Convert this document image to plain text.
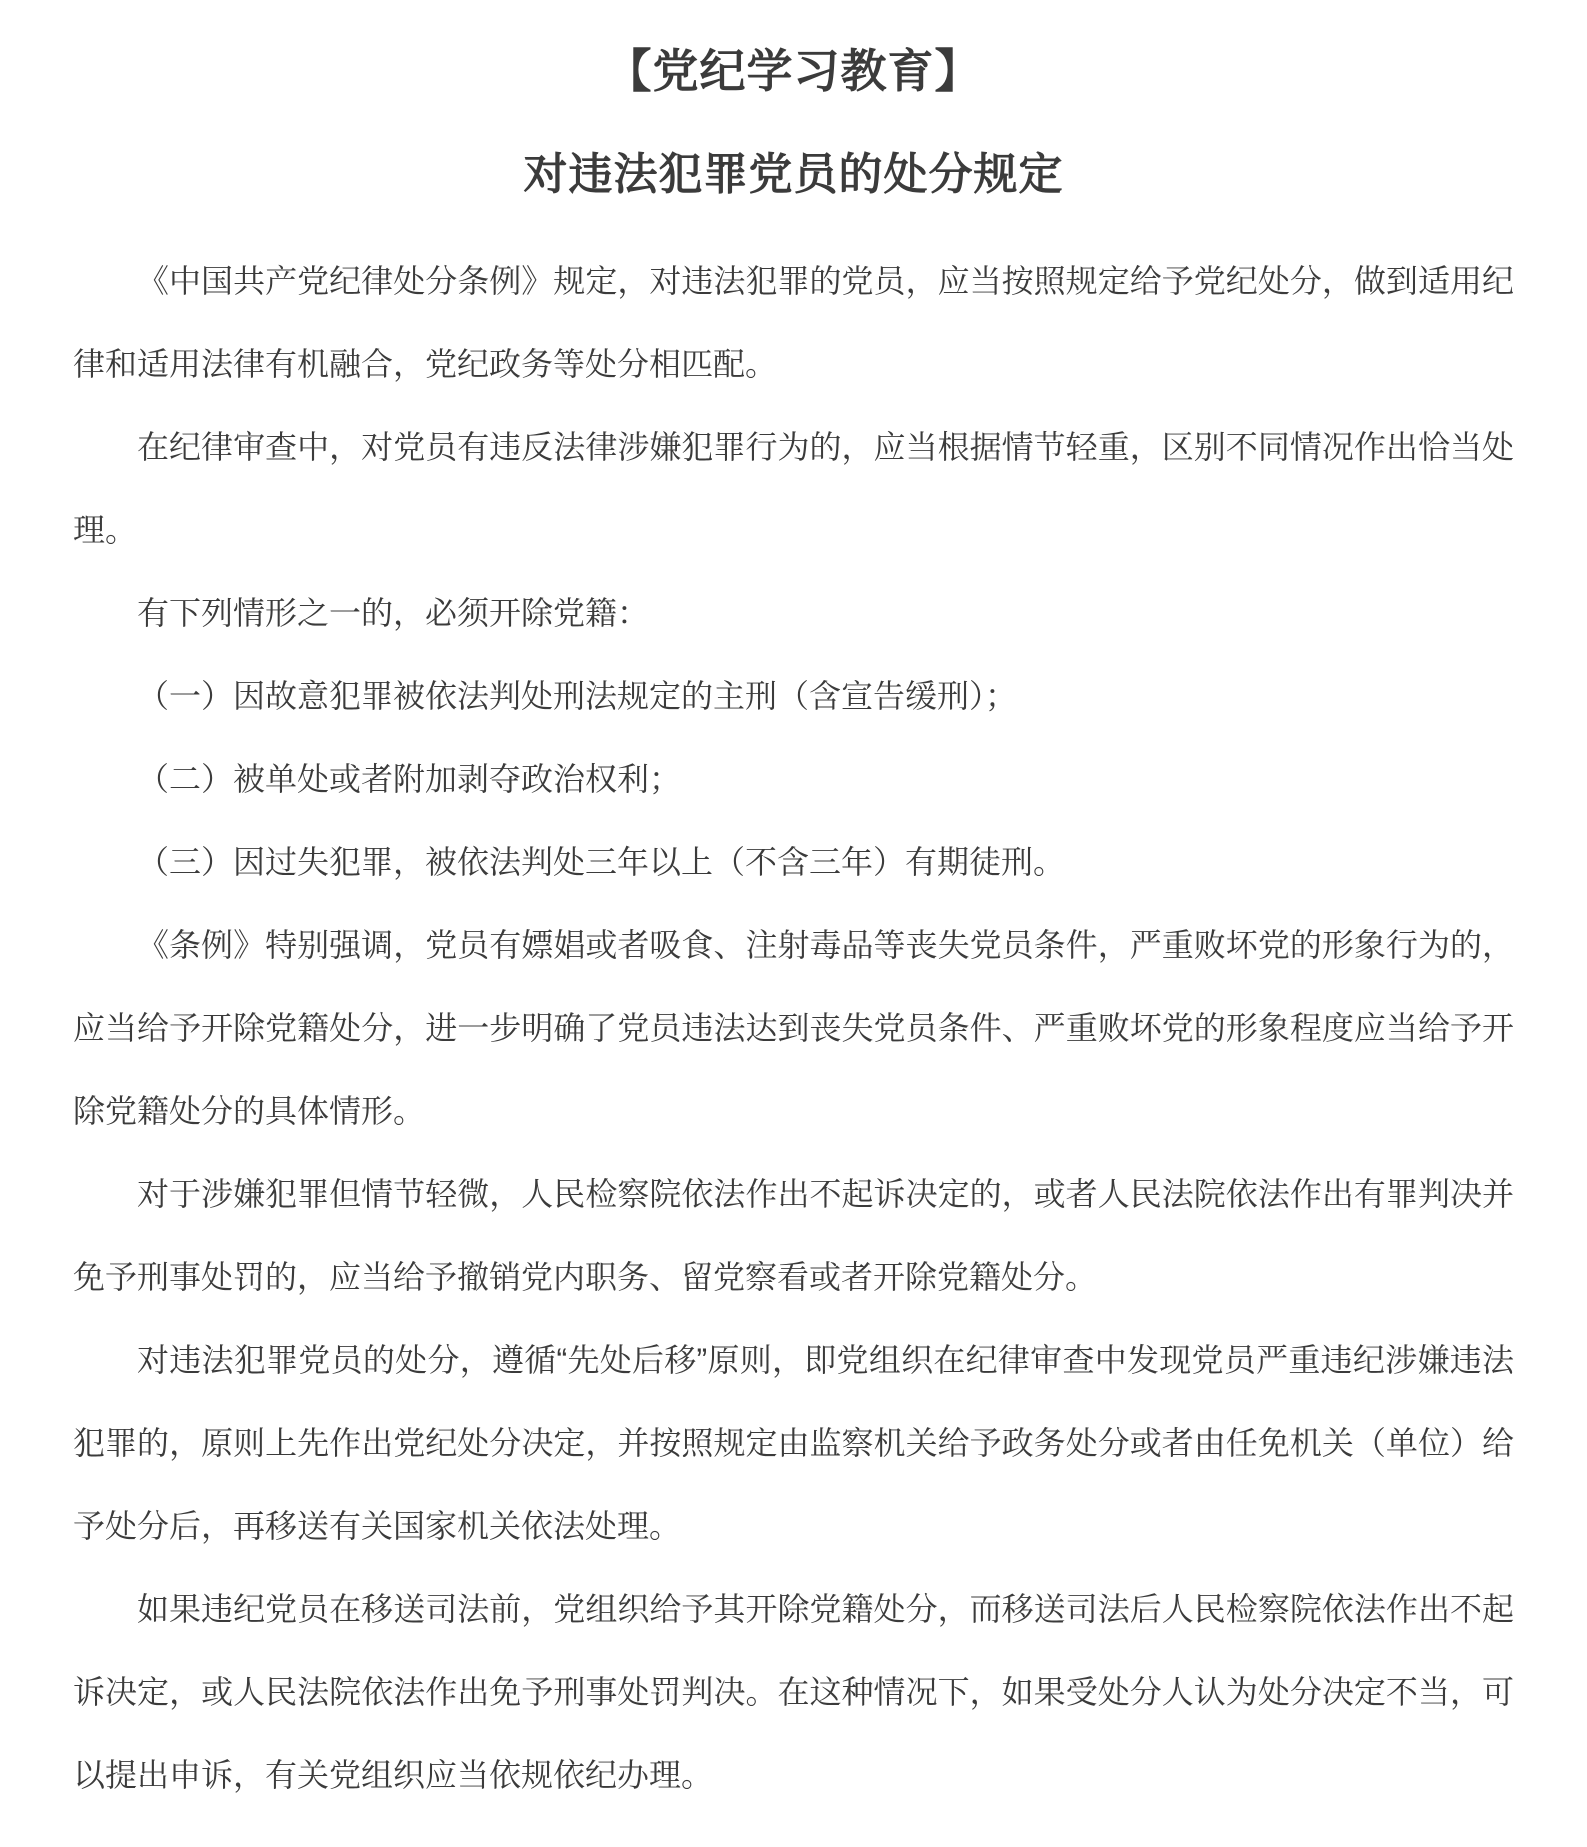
【党纪学习教育】
对违法犯罪党员的处分规定

《中国共产党纪律处分条例》规定，对违法犯罪的党员，应当按照规定给予党纪处分，做到适用纪律和适用法律有机融合，党纪政务等处分相匹配。

在纪律审查中，对党员有违反法律涉嫌犯罪行为的，应当根据情节轻重，区别不同情况作出恰当处理。

有下列情形之一的，必须开除党籍：

（一）因故意犯罪被依法判处刑法规定的主刑（含宣告缓刑）；

（二）被单处或者附加剥夺政治权利；

（三）因过失犯罪，被依法判处三年以上（不含三年）有期徒刑。

《条例》特别强调，党员有嫖娼或者吸食、注射毒品等丧失党员条件，严重败坏党的形象行为的，应当给予开除党籍处分，进一步明确了党员违法达到丧失党员条件、严重败坏党的形象程度应当给予开除党籍处分的具体情形。

对于涉嫌犯罪但情节轻微，人民检察院依法作出不起诉决定的，或者人民法院依法作出有罪判决并免予刑事处罚的，应当给予撤销党内职务、留党察看或者开除党籍处分。

对违法犯罪党员的处分，遵循“先处后移”原则，即党组织在纪律审查中发现党员严重违纪涉嫌违法犯罪的，原则上先作出党纪处分决定，并按照规定由监察机关给予政务处分或者由任免机关（单位）给予处分后，再移送有关国家机关依法处理。

如果违纪党员在移送司法前，党组织给予其开除党籍处分，而移送司法后人民检察院依法作出不起诉决定，或人民法院依法作出免予刑事处罚判决。在这种情况下，如果受处分人认为处分决定不当，可以提出申诉，有关党组织应当依规依纪办理。
